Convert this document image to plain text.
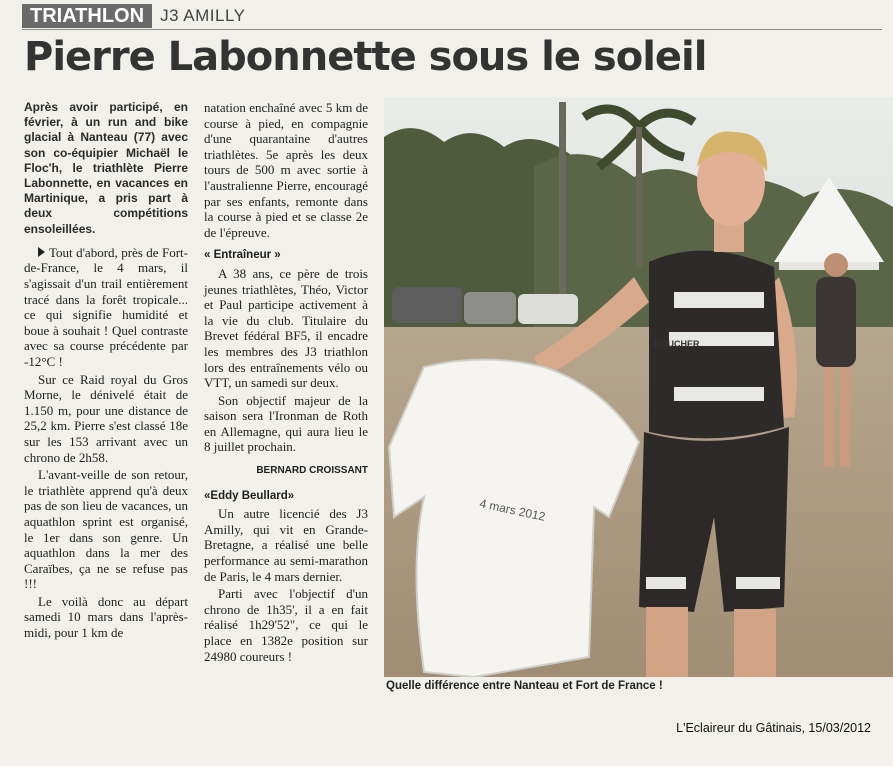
TRIATHLON J3 AMILLY
Pierre Labonnette sous le soleil

Après avoir participé, en février, à un run and bike glacial à Nanteau (77) avec son co-équipier Michaël le Floc'h, le triathlète Pierre Labonnette, en vacances en Martinique, a pris part à deux compétitions ensoleillées.

Tout d'abord, près de Fort-de-France, le 4 mars, il s'agissait d'un trail entièrement tracé dans la forêt tropicale... ce qui signifie humidité et boue à souhait ! Quel contraste avec sa course précédente par -12°C !

Sur ce Raid royal du Gros Morne, le dénivelé était de 1.150 m, pour une distance de 25,2 km. Pierre s'est classé 18e sur les 153 arrivant avec un chrono de 2h58.

L'avant-veille de son retour, le triathlète apprend qu'à deux pas de son lieu de vacances, un aquathlon sprint est organisé, le 1er dans son genre. Un aquathlon dans la mer des Caraïbes, ça ne se refuse pas !!!

Le voilà donc au départ samedi 10 mars dans l'après-midi, pour 1 km de

natation enchaîné avec 5 km de course à pied, en compagnie d'une quarantaine d'autres triathlètes. 5e après les deux tours de 500 m avec sortie à l'australienne Pierre, encouragé par ses enfants, remonte dans la course à pied et se classe 2e de l'épreuve.

« Entraîneur »

A 38 ans, ce père de trois jeunes triathlètes, Théo, Victor et Paul participe activement à la vie du club. Titulaire du Brevet fédéral BF5, il encadre les membres des J3 triathlon lors des entraînements vélo ou VTT, un samedi sur deux.

Son objectif majeur de la saison sera l'Ironman de Roth en Allemagne, qui aura lieu le 8 juillet prochain.

BERNARD CROISSANT

«Eddy Beullard»

Un autre licencié des J3 Amilly, qui vit en Grande-Bretagne, a réalisé une belle performance au semi-marathon de Paris, le 4 mars dernier.

Parti avec l'objectif d'un chrono de 1h35', il a en fait réalisé 1h29'52", ce qui le place en 1382e position sur 24980 coureurs !

4 mars 2012
BOUCHER
Quelle différence entre Nanteau et Fort de France !
L'Eclaireur du Gâtinais, 15/03/2012
